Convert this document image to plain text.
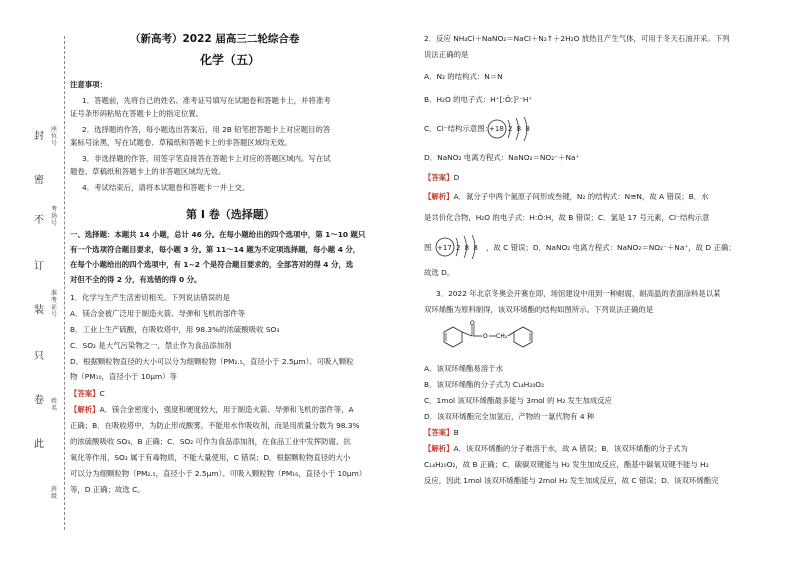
封
密
不
订
装
只
卷
此
座位号
考场号
准考证号
姓名
班级
（新高考）2022 届高三二轮综合卷
化学（五）
注意事项：
1．答题前，先将自己的姓名、准考证号填写在试题卷和答题卡上，并将准考
证号条形码粘贴在答题卡上的指定位置。
2．选择题的作答，每小题选出答案后，用 2B 铅笔把答题卡上对应题目的答
案标号涂黑，写在试题卷、草稿纸和答题卡上的非答题区域均无效。
3．非选择题的作答，用签字笔直接答在答题卡上对应的答题区域内。写在试
题卷、草稿纸和答题卡上的非答题区域均无效。
4．考试结束后，请将本试题卷和答题卡一并上交。
第 I 卷（选择题）
一、选择题：本题共 14 小题，总计 46 分。在每小题给出的四个选项中，第 1～10 题只
有一个选项符合题目要求，每小题 3 分。第 11～14 题为不定项选择题，每小题 4 分，
在每个小题给出的四个选项中，有 1~2 个是符合题目要求的，全部答对的得 4 分，选
对但不全的得 2 分，有选错的得 0 分。
1．化学与生产生活密切相关。下列说法错误的是
A．镁合金被广泛用于制造火箭、导弹和飞机的部件等
B．工业上生产硫酸，在吸收塔中，用 98.3%的浓硫酸吸收 SO₃
C．SO₂ 是大气污染物之一，禁止作为食品添加剂
D．根据颗粒物直径的大小可以分为细颗粒物（PM₂.₅，直径小于 2.5μm）、可吸入颗粒
物（PM₁₀，直径小于 10μm）等
【答案】C
【解析】A．镁合金密度小，强度和硬度较大，用于制造火箭、导弹和飞机的部件等，A
正确；B．在吸收塔中，为防止形成酸雾，不能用水作吸收剂，而是用质量分数为 98.3%
的浓硫酸吸收 SO₃，B 正确；C．SO₂ 可作为食品添加剂，在食品工业中发挥防腐、抗
氧化等作用，SO₂ 属于有毒物质，不能大量使用，C 错误；D．根据颗粒物直径的大小
可以分为细颗粒物（PM₂.₅，直径小于 2.5μm）、可吸入颗粒物（PM₁₀，直径小于 10μm）
等，D 正确；故选 C。
2．反应 NH₄Cl＋NaNO₂＝NaCl＋N₂↑＋2H₂O 放热且产生气体，可用于冬天石油开采。下列
说法正确的是
A．N₂ 的结构式：N＝N
B．H₂O 的电子式：H⁺[:Ö:]²⁻H⁺
C．Cl⁻结构示意图：
+18 2 8 8
D．NaNO₂ 电离方程式：NaNO₂＝NO₂⁻＋Na⁺
【答案】D
【解析】A．氮分子中两个氮原子间形成叁键，N₂ 的结构式：N≡N，故 A 错误；B．水
是共价化合物，H₂O 的电子式：H:Ö:H，故 B 错误；C．氯是 17 号元素，Cl⁻结构示意
图 +17 2 8 8 ，故 C 错误；D．NaNO₂ 电离方程式：NaNO₂＝NO₂⁻＋Na⁺，故 D 正确；
故选 D。
3．2022 年北京冬奥会开赛在即，场馆建设中用到一种耐腐、耐高温的表面涂料是以某
双环烯酯为原料制得，该双环烯酯的结构如图所示。下列说法正确的是
O
O CH₂
A．该双环烯酯易溶于水
B．该双环烯酯的分子式为 C₁₄H₂₀O₂
C．1mol 该双环烯酯最多能与 3mol 的 H₂ 发生加成反应
D．该双环烯酯完全加氢后，产物的一氯代物有 4 种
【答案】B
【解析】A．该双环烯酯的分子难溶于水，故 A 错误；B．该双环烯酯的分子式为
C₁₄H₂₀O₂，故 B 正确；C．碳碳双键能与 H₂ 发生加成反应，酯基中碳氧双键不能与 H₂
反应，因此 1mol 该双环烯酯能与 2mol H₂ 发生加成反应，故 C 错误；D．该双环烯酯完
